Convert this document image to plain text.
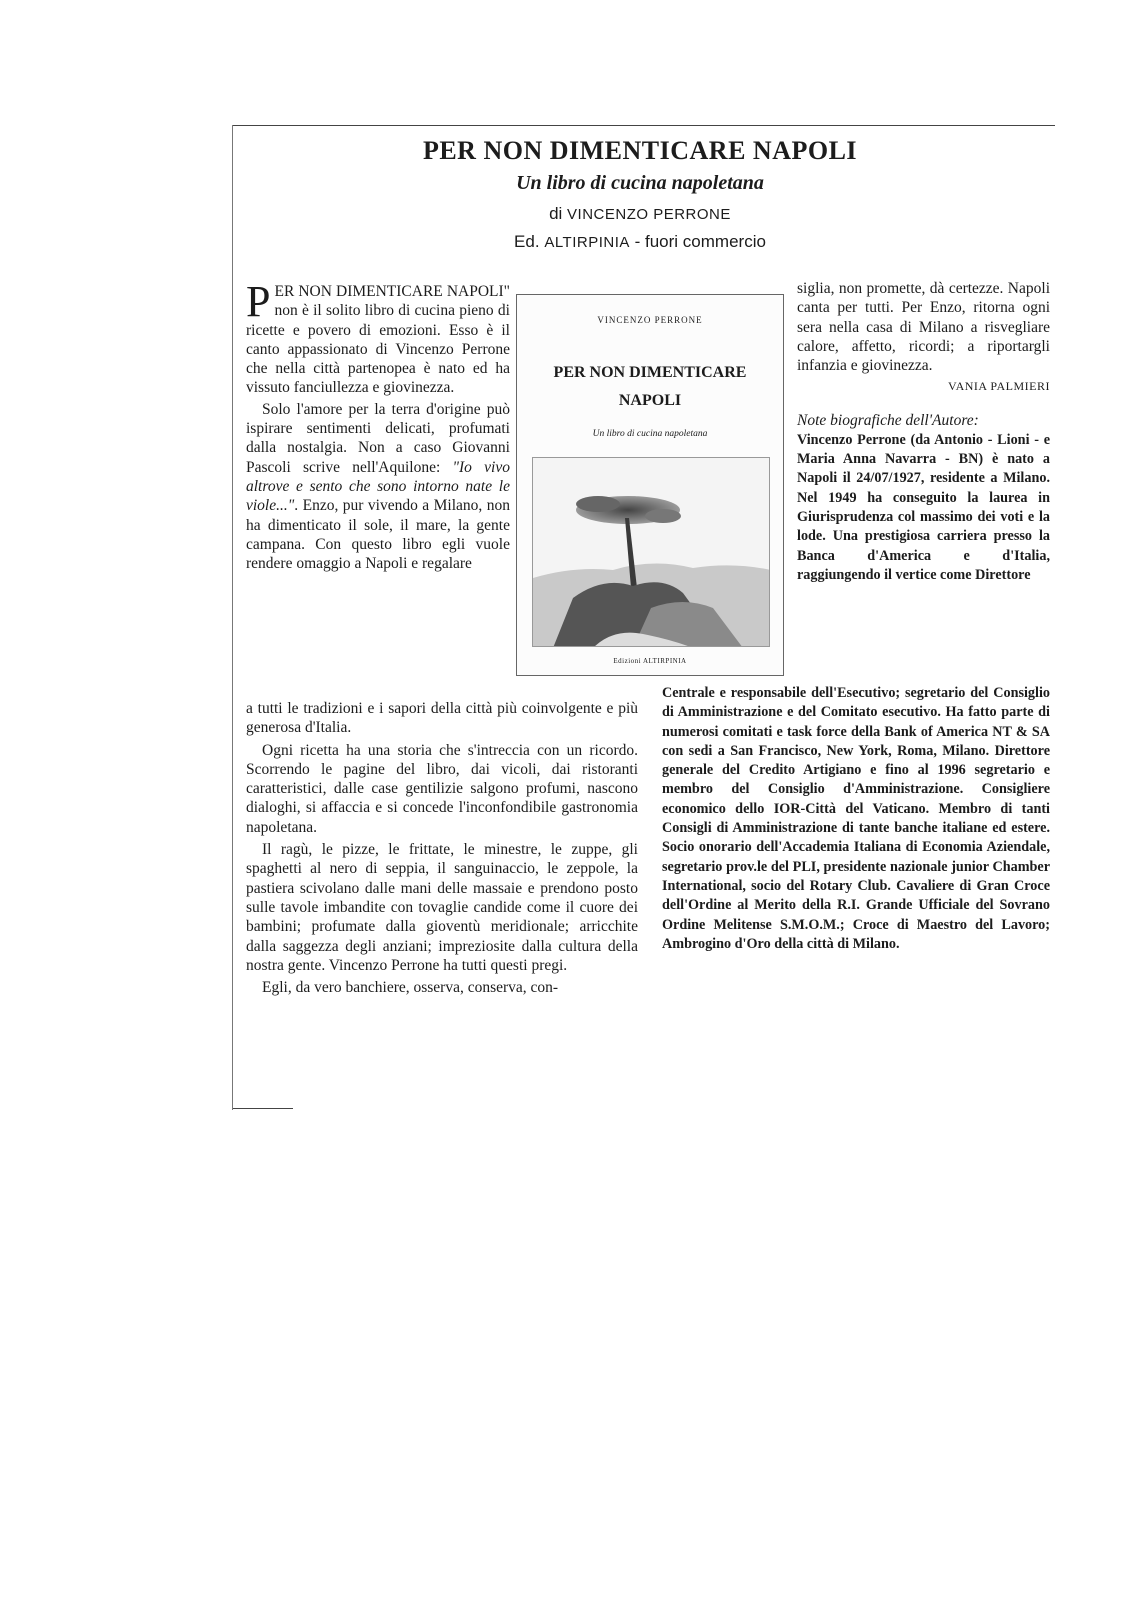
PER NON DIMENTICARE NAPOLI
Un libro di cucina napoletana
di VINCENZO PERRONE
Ed. ALTIRPINIA - fuori commercio

PER NON DIMENTICARE NAPOLI" non è il solito libro di cucina pieno di ricette e povero di emozioni. Esso è il canto appassionato di Vincenzo Perrone che nella città partenopea è nato ed ha vissuto fanciullezza e giovinezza.

Solo l'amore per la terra d'origine può ispirare sentimenti delicati, profumati dalla nostalgia. Non a caso Giovanni Pascoli scrive nell'Aquilone: "Io vivo altrove e sento che sono intorno nate le viole...". Enzo, pur vivendo a Milano, non ha dimenticato il sole, il mare, la gente campana. Con questo libro egli vuole rendere omaggio a Napoli e regalare

a tutti le tradizioni e i sapori della città più coinvolgente e più generosa d'Italia.

Ogni ricetta ha una storia che s'intreccia con un ricordo. Scorrendo le pagine del libro, dai vicoli, dai ristoranti caratteristici, dalle case gentilizie salgono profumi, nascono dialoghi, si affaccia e si concede l'inconfondibile gastronomia napoletana.

Il ragù, le pizze, le frittate, le minestre, le zuppe, gli spaghetti al nero di seppia, il sanguinaccio, le zeppole, la pastiera scivolano dalle mani delle massaie e prendono posto sulle tavole imbandite con tovaglie candide come il cuore dei bambini; profumate dalla gioventù meridionale; arricchite dalla saggezza degli anziani; impreziosite dalla cultura della nostra gente. Vincenzo Perrone ha tutti questi pregi.

Egli, da vero banchiere, osserva, conserva, con-

VINCENZO PERRONE
PER NON DIMENTICARE
NAPOLI
Un libro di cucina napoletana
Edizioni ALTIRPINIA

siglia, non promette, dà certezze. Napoli canta per tutti. Per Enzo, ritorna ogni sera nella casa di Milano a risvegliare calore, affetto, ricordi; a riportargli infanzia e giovinezza.

VANIA PALMIERI
Note biografiche dell'Autore:

Vincenzo Perrone (da Antonio - Lioni - e Maria Anna Navarra - BN) è nato a Napoli il 24/07/1927, residente a Milano. Nel 1949 ha conseguito la laurea in Giurisprudenza col massimo dei voti e la lode. Una prestigiosa carriera presso la Banca d'America e d'Italia, raggiungendo il vertice come Direttore

Centrale e responsabile dell'Esecutivo; segretario del Consiglio di Amministrazione e del Comitato esecutivo. Ha fatto parte di numerosi comitati e task force della Bank of America NT & SA con sedi a San Francisco, New York, Roma, Milano. Direttore generale del Credito Artigiano e fino al 1996 segretario e membro del Consiglio d'Amministrazione. Consigliere economico dello IOR-Città del Vaticano. Membro di tanti Consigli di Amministrazione di tante banche italiane ed estere. Socio onorario dell'Accademia Italiana di Economia Aziendale, segretario prov.le del PLI, presidente nazionale junior Chamber International, socio del Rotary Club. Cavaliere di Gran Croce dell'Ordine al Merito della R.I. Grande Ufficiale del Sovrano Ordine Melitense S.M.O.M.; Croce di Maestro del Lavoro; Ambrogino d'Oro della città di Milano.
